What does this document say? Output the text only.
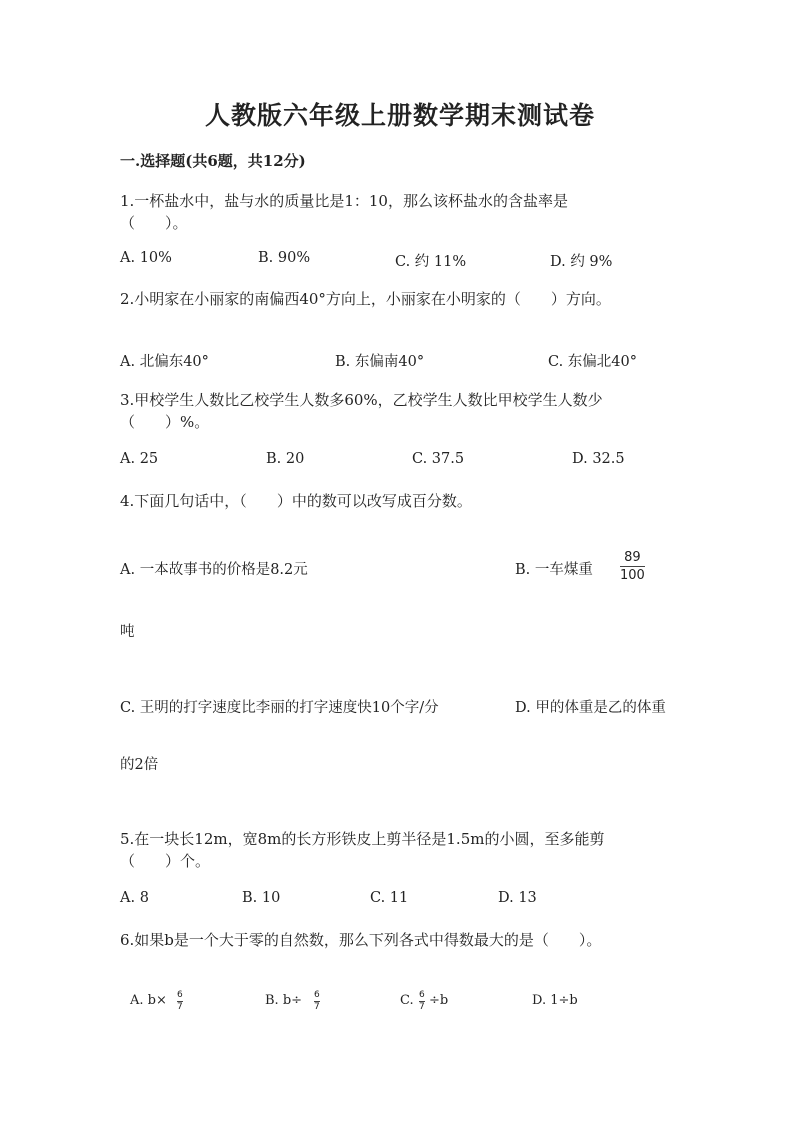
人教版六年级上册数学期末测试卷
一.选择题(共6题，共12分)
1.一杯盐水中，盐与水的质量比是1：10，那么该杯盐水的含盐率是
（　　）。
A. 10%	B. 90%	C. 约 11%	D. 约 9%
2.小明家在小丽家的南偏西40°方向上，小丽家在小明家的（　　）方向。
A. 北偏东40°	B. 东偏南40°	C. 东偏北40°
3.甲校学生人数比乙校学生人数多60%，乙校学生人数比甲校学生人数少
（　　）%。
A. 25	B. 20	C. 37.5	D. 32.5
4.下面几句话中，（　　）中的数可以改写成百分数。
A. 一本故事书的价格是8.2元	B. 一车煤重
89
100
吨
C. 王明的打字速度比李丽的打字速度快10个字/分	D. 甲的体重是乙的体重
的2倍
5.在一块长12m，宽8m的长方形铁皮上剪半径是1.5m的小圆，至多能剪
（　　）个。
A. 8	B. 10	C. 11	D. 13
6.如果b是一个大于零的自然数，那么下列各式中得数最大的是（　　）。
A. b× 6
7	B. b÷ 6
7	C. 6
7 ÷b	D. 1÷b
